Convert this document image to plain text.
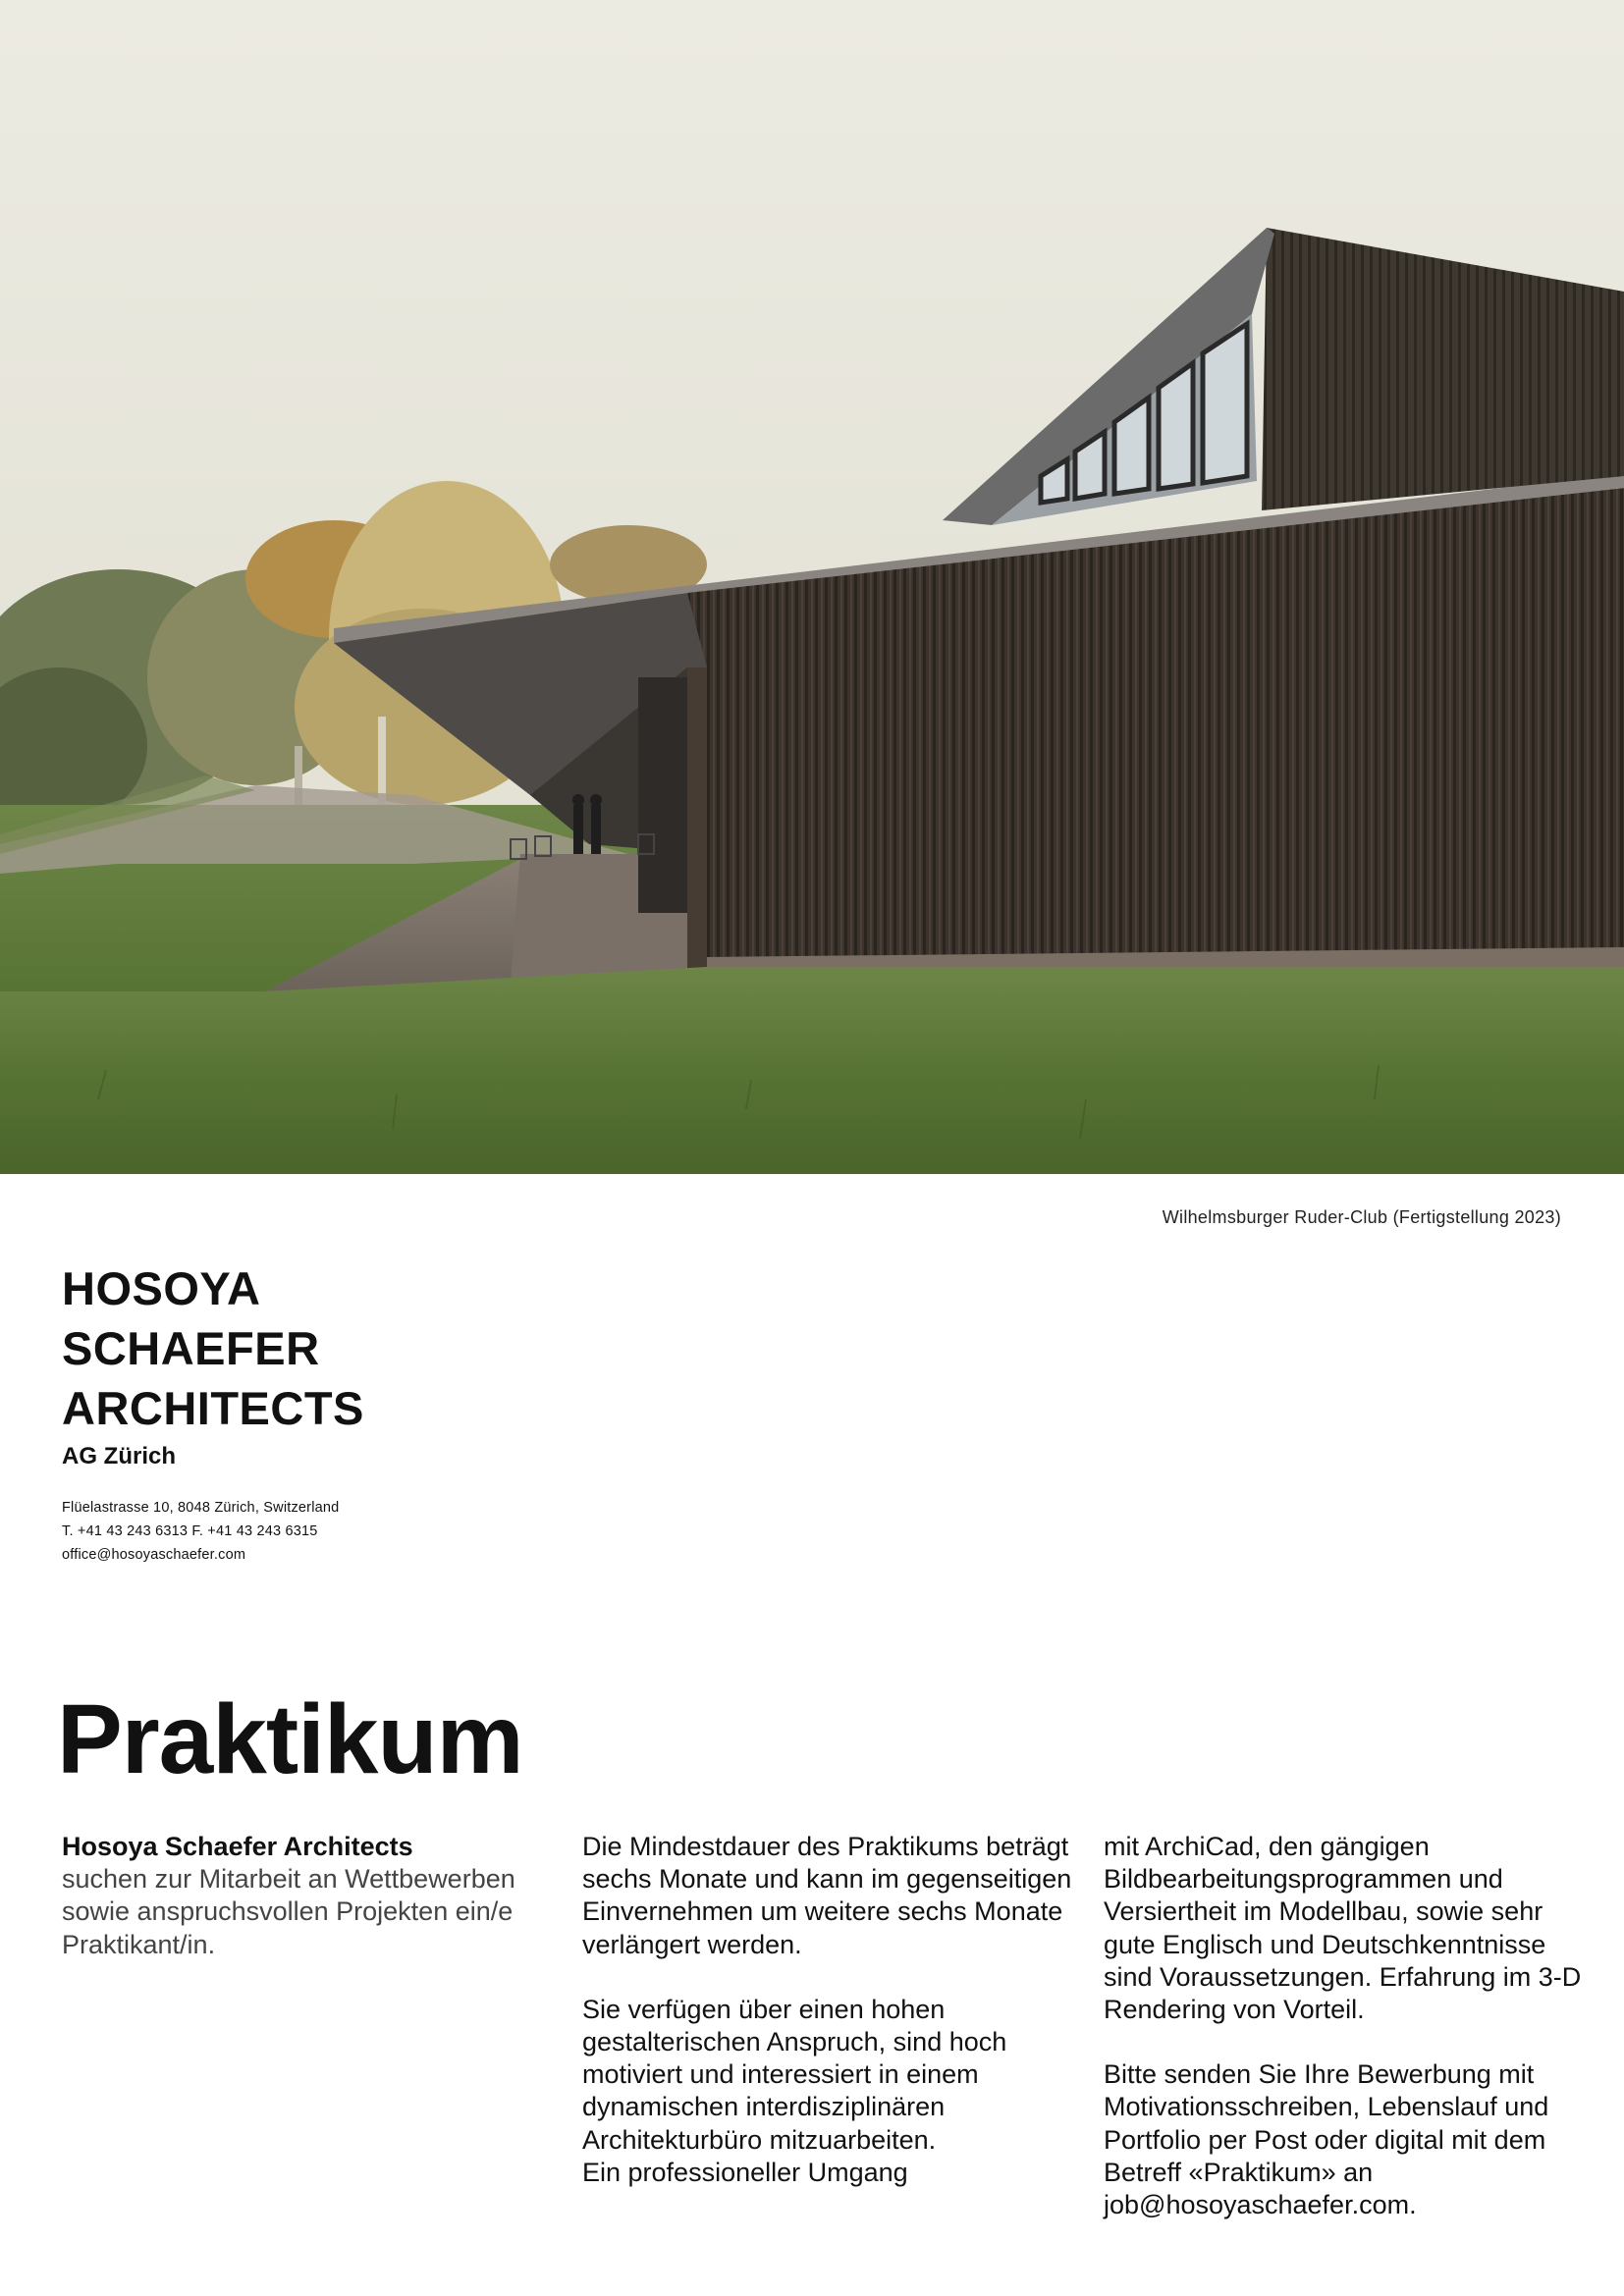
Wilhelmsburger Ruder-Club (Fertigstellung 2023)
HOSOYA
SCHAEFER
ARCHITECTS
AG Zürich
Flüelastrasse 10, 8048 Zürich, Switzerland
T. +41 43 243 6313 F. +41 43 243 6315
office@hosoyaschaefer.com
Praktikum

Hosoya Schaefer Architects
suchen zur Mitarbeit an Wettbewerben sowie anspruchsvollen Projekten ein/e Praktikant/in.

Die Mindestdauer des Praktikums beträgt sechs Monate und kann im gegenseitigen Einvernehmen um weitere sechs Monate verlängert werden.

Sie verfügen über einen hohen gestalterischen Anspruch, sind hoch motiviert und interessiert in einem dynamischen interdisziplinären Architekturbüro mitzuarbeiten.
Ein professioneller Umgang

mit ArchiCad, den gängigen Bildbearbeitungsprogrammen und Versiertheit im Modellbau, sowie sehr gute Englisch und Deutschkenntnisse sind Voraussetzungen. Erfahrung im 3-D Rendering von Vorteil.

Bitte senden Sie Ihre Bewerbung mit Motivationsschreiben, Lebenslauf und Portfolio per Post oder digital mit dem Betreff «Praktikum» an job@hosoyaschaefer.com.
